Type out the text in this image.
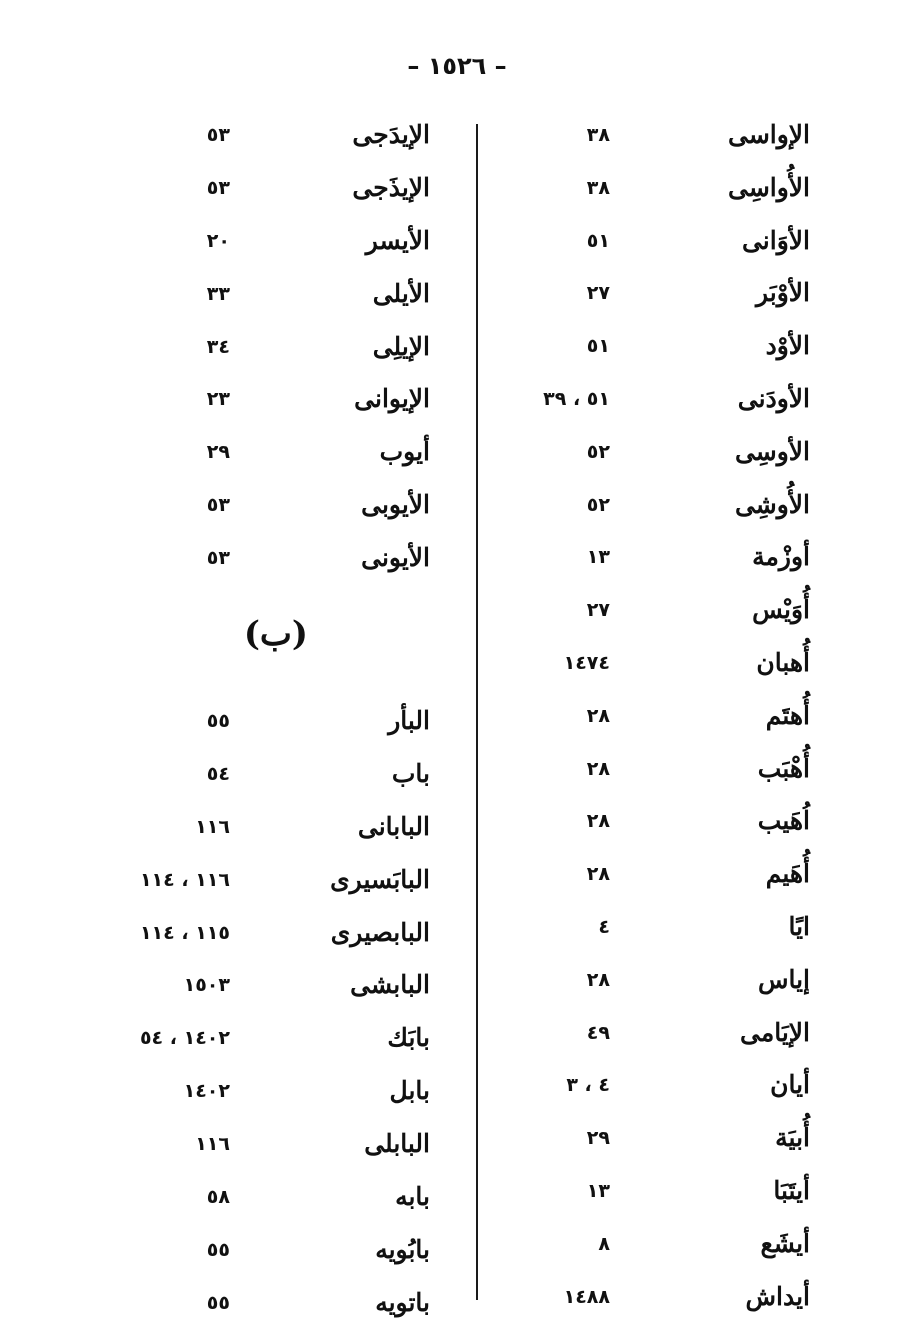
– ١٥٢٦ –
الإواسى
٣٨
الأُواسِى
٣٨
الأوَانى
٥١
الأوْبَر
٢٧
الأوْد
٥١
الأودَنى
٥١ ، ٣٩
الأوسِى
٥٢
الأُوشِى
٥٢
أوزْمة
١٣
أُوَيْس
٢٧
أُهبان
١٤٧٤
أُهتَم
٢٨
أُهْبَب
٢٨
اُهَيب
٢٨
أُهَيم
٢٨
ايًا
٤
إياس
٢٨
الإيَامى
٤٩
أيان
٤ ، ٣
أُبيَة
٢٩
أيتَبَا
١٣
أيشَع
٨
أيداش
١٤٨٨
الإيدَجى
٥٣
الإيذَجى
٥٣
الأيسر
٢٠
الأيلى
٣٣
الإيلِى
٣٤
الإيوانى
٢٣
أيوب
٢٩
الأيوبى
٥٣
الأيونى
٥٣
(ب)
البأر
٥٥
باب
٥٤
البابانى
١١٦
البابَسيرى
١١٦ ، ١١٤
البابصيرى
١١٥ ، ١١٤
البابشى
١٥٠٣
بابَك
١٤٠٢ ، ٥٤
بابل
١٤٠٢
البابلى
١١٦
بابه
٥٨
بابُويه
٥٥
باتويه
٥٥
